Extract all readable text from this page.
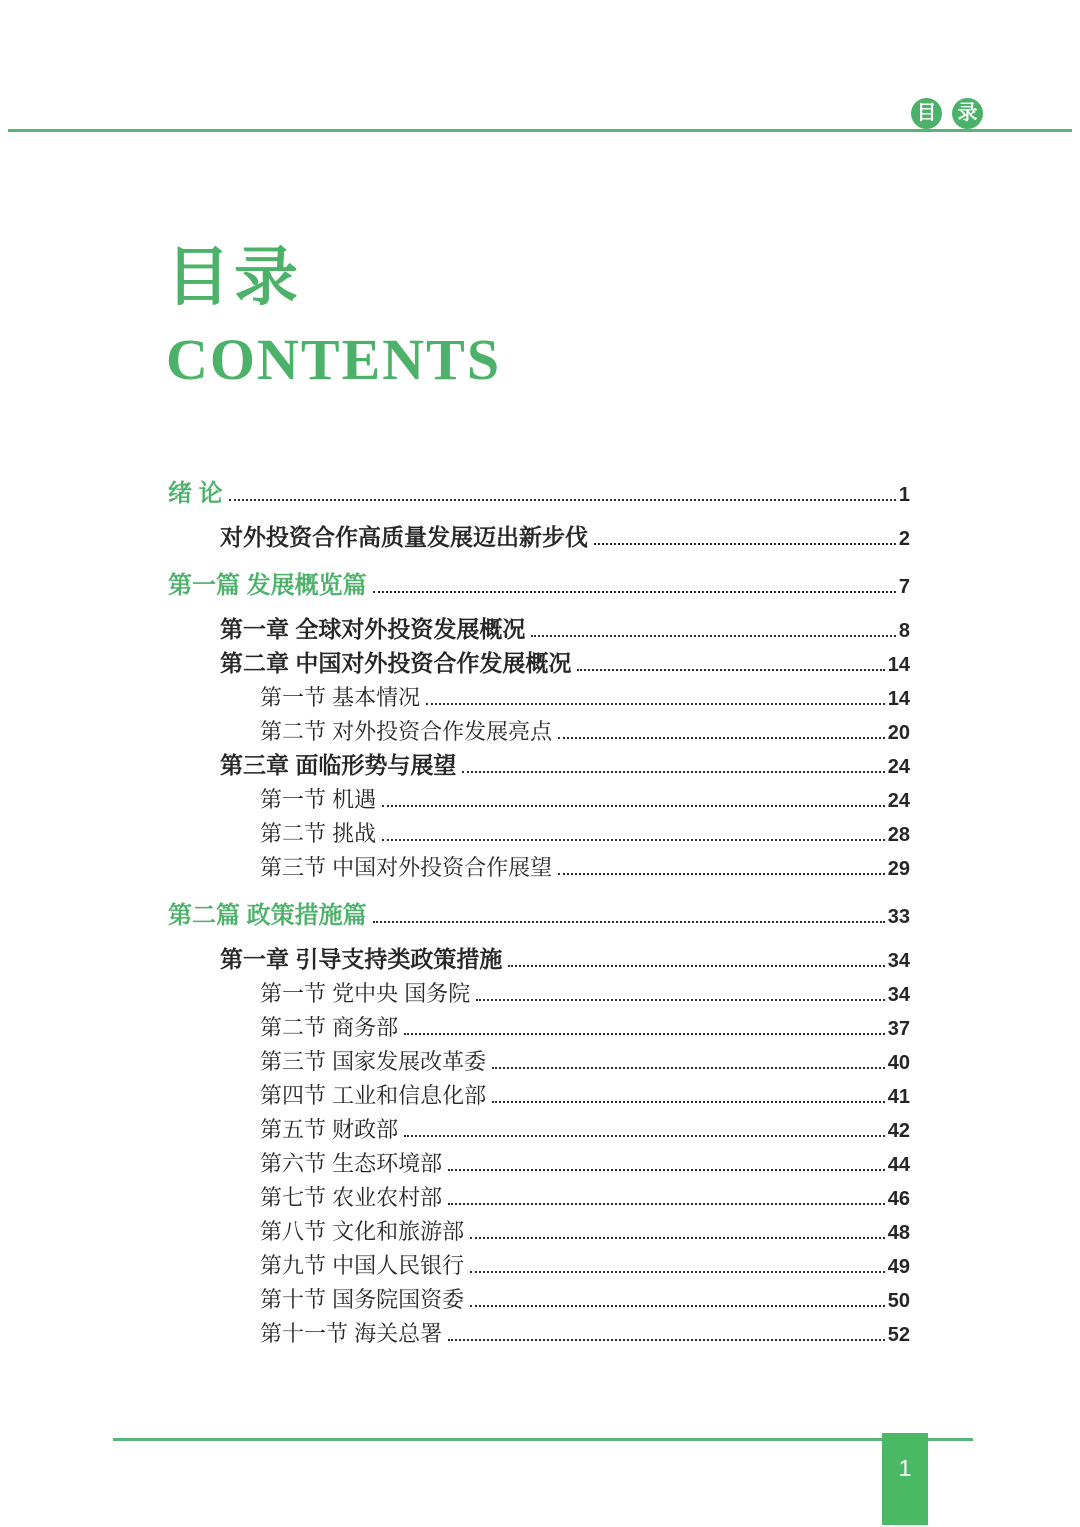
目 录
目录
CONTENTS
绪 论	1
对外投资合作高质量发展迈出新步伐	2
第一篇 发展概览篇	7
第一章 全球对外投资发展概况	8
第二章 中国对外投资合作发展概况	14
第一节 基本情况	14
第二节 对外投资合作发展亮点	20
第三章 面临形势与展望	24
第一节 机遇	24
第二节 挑战	28
第三节 中国对外投资合作展望	29
第二篇 政策措施篇	33
第一章 引导支持类政策措施	34
第一节 党中央 国务院	34
第二节 商务部	37
第三节 国家发展改革委	40
第四节 工业和信息化部	41
第五节 财政部	42
第六节 生态环境部	44
第七节 农业农村部	46
第八节 文化和旅游部	48
第九节 中国人民银行	49
第十节 国务院国资委	50
第十一节 海关总署	52
1
